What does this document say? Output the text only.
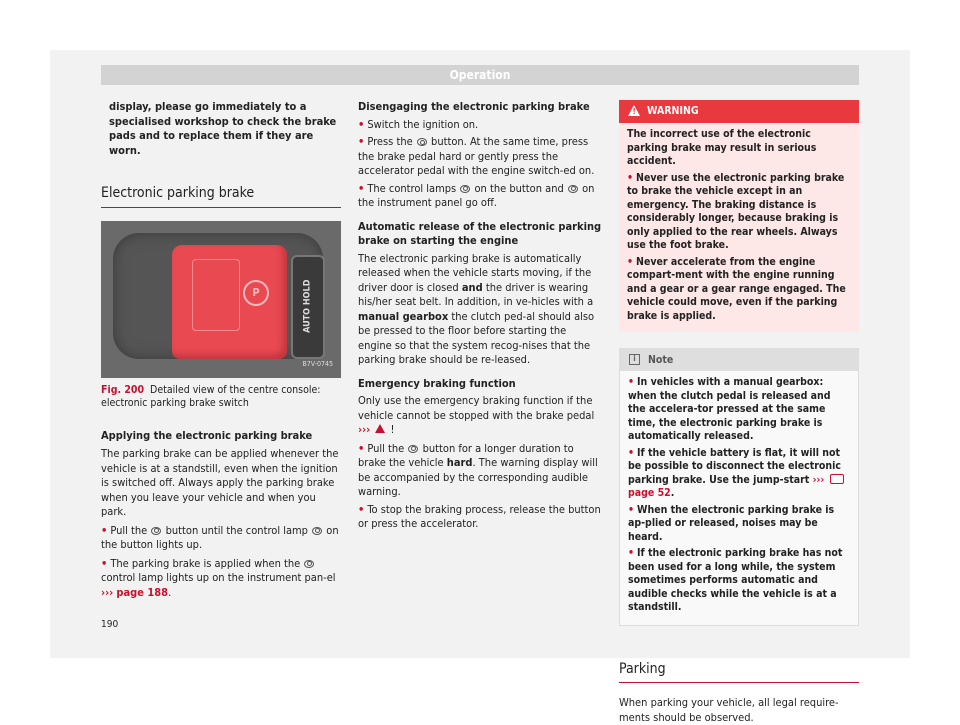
Operation

display, please go immediately to a specialised workshop to check the brake pads and to replace them if they are worn.

Electronic parking brake
P	AUTO HOLD
B7V-0745

Fig. 200 Detailed view of the centre console: electronic parking brake switch

Applying the electronic parking brake

The parking brake can be applied whenever the vehicle is at a standstill, even when the ignition is switched off. Always apply the parking brake when you leave your vehicle and when you park.

• Pull the button until the control lamp on the button lights up.

• The parking brake is applied when the  control lamp lights up on the instrument pan-el ››› page 188.

Disengaging the electronic parking brake

• Switch the ignition on.

• Press the button. At the same time, press the brake pedal hard or gently press the accelerator pedal with the engine switch-ed on.

• The control lamps on the button and on the instrument panel go off.

Automatic release of the electronic parking brake on starting the engine

The electronic parking brake is automatically released when the vehicle starts moving, if the driver door is closed and the driver is wearing his/her seat belt. In addition, in ve-hicles with a manual gearbox the clutch ped-al should also be pressed to the floor before starting the engine so that the system recog-nises that the parking brake should be re-leased.

Emergency braking function

Only use the emergency braking function if the vehicle cannot be stopped with the brake pedal ››› !

• Pull the button for a longer duration to brake the vehicle hard. The warning display will be accompanied by the corresponding audible warning.

• To stop the braking process, release the button or press the accelerator.

!
WARNING

The incorrect use of the electronic parking brake may result in serious accident.

• Never use the electronic parking brake to brake the vehicle except in an emergency. The braking distance is considerably longer, because braking is only applied to the rear wheels. Always use the foot brake.

• Never accelerate from the engine compart-ment with the engine running and a gear or a gear range engaged. The vehicle could move, even if the parking brake is applied.

i	Note

• In vehicles with a manual gearbox: when the clutch pedal is released and the accelera-tor pressed at the same time, the electronic parking brake is automatically released.

• If the vehicle battery is flat, it will not be possible to disconnect the electronic parking brake. Use the jump-start ›››  page 52.

• When the electronic parking brake is ap-plied or released, noises may be heard.

• If the electronic parking brake has not been used for a long while, the system sometimes performs automatic and audible checks while the vehicle is at a standstill.

Parking

When parking your vehicle, all legal require-ments should be observed.

190
